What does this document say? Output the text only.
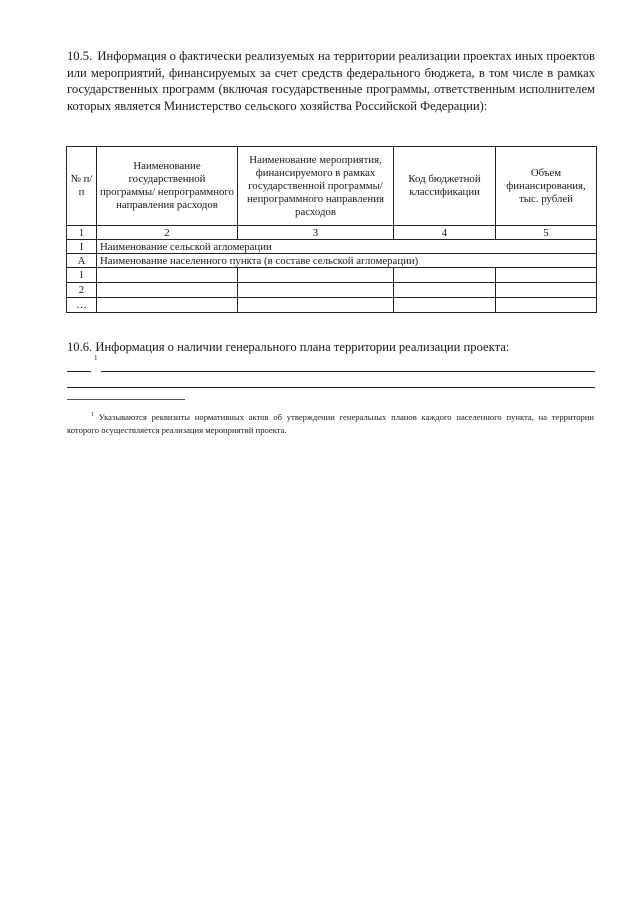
10.5. Информация о фактически реализуемых на территории реализации проектах иных проектов или мероприятий, финансируемых за счет средств федерального бюджета, в том числе в рамках государственных программ (включая государственные программы, ответственным исполнителем которых является Министерство сельского хозяйства Российской Федерации):
№ п/п	Наименование государственной программы/ непрограммного направления расходов	Наименование мероприятия, финансируемого в рамках государственной программы/непрограммного направления расходов	Код бюджетной классификации	Объем финансирования, тыс. рублей
1	2	3	4	5
I	Наименование сельской агломерации			
А	Наименование населенного пункта (в составе сельской агломерации)			
1				
2				
…				
10.6. Информация о наличии генерального плана территории реализации проекта:
1
$^1$ Указываются реквизиты нормативных актов об утверждении генеральных планов каждого населенного пункта, на территории которого осуществляется реализация мероприятий проекта.
